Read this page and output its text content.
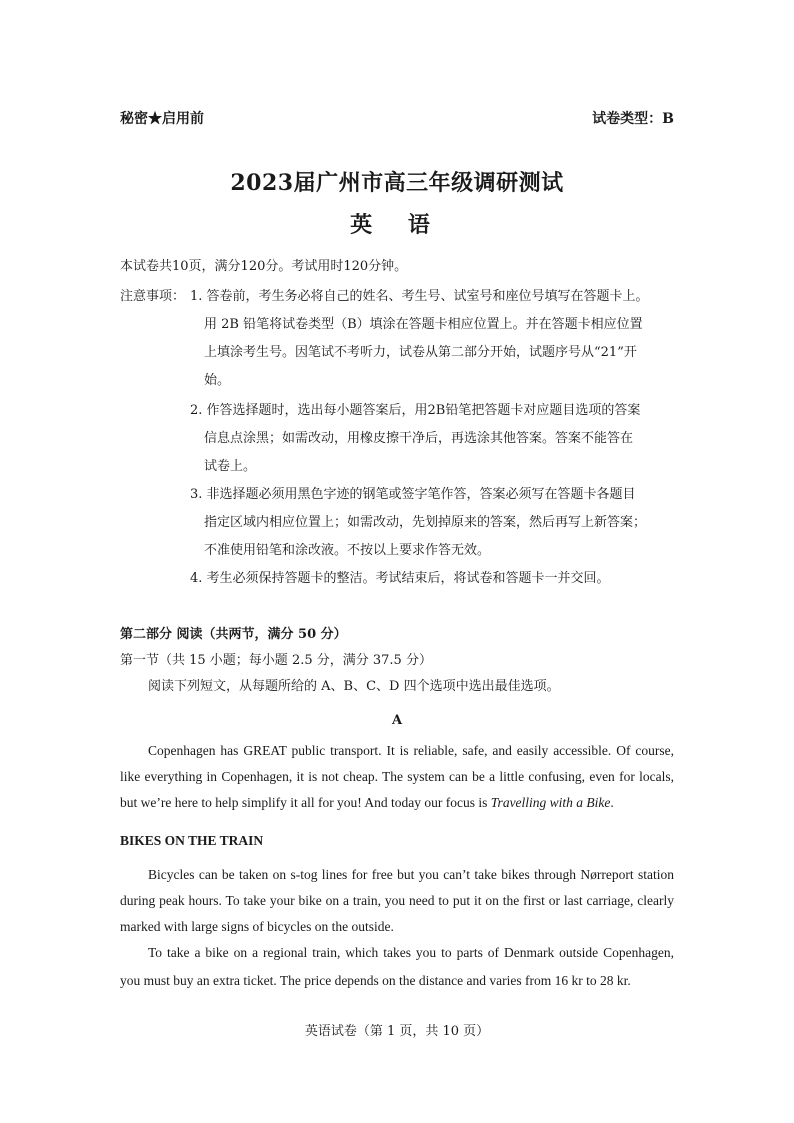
秘密★启用前	试卷类型：B
2023届广州市高三年级调研测试
英 语
本试卷共10页，满分120分。考试用时120分钟。
注意事项： 1. 答卷前，考生务必将自己的姓名、考生号、试室号和座位号填写在答题卡上。
用 2B 铅笔将试卷类型（B）填涂在答题卡相应位置上。并在答题卡相应位置
上填涂考生号。因笔试不考听力，试卷从第二部分开始，试题序号从“21”开
始。
2. 作答选择题时，选出每小题答案后，用2B铅笔把答题卡对应题目选项的答案
信息点涂黑；如需改动，用橡皮擦干净后，再选涂其他答案。答案不能答在
试卷上。
3. 非选择题必须用黑色字迹的钢笔或签字笔作答，答案必须写在答题卡各题目
指定区域内相应位置上；如需改动，先划掉原来的答案，然后再写上新答案；
不准使用铅笔和涂改液。不按以上要求作答无效。
4. 考生必须保持答题卡的整洁。考试结束后，将试卷和答题卡一并交回。
第二部分 阅读（共两节，满分 50 分）
第一节（共 15 小题；每小题 2.5 分，满分 37.5 分）
阅读下列短文，从每题所给的 A、B、C、D 四个选项中选出最佳选项。
A
Copenhagen has GREAT public transport. It is reliable, safe, and easily accessible. Of course,
like everything in Copenhagen, it is not cheap. The system can be a little confusing, even for locals,
but we’re here to help simplify it all for you! And today our focus is Travelling with a Bike.
BIKES ON THE TRAIN
Bicycles can be taken on s-tog lines for free but you can’t take bikes through Nørreport station
during peak hours. To take your bike on a train, you need to put it on the first or last carriage, clearly
marked with large signs of bicycles on the outside.
To take a bike on a regional train, which takes you to parts of Denmark outside Copenhagen,
you must buy an extra ticket. The price depends on the distance and varies from 16 kr to 28 kr.
英语试卷（第 1 页，共 10 页）
